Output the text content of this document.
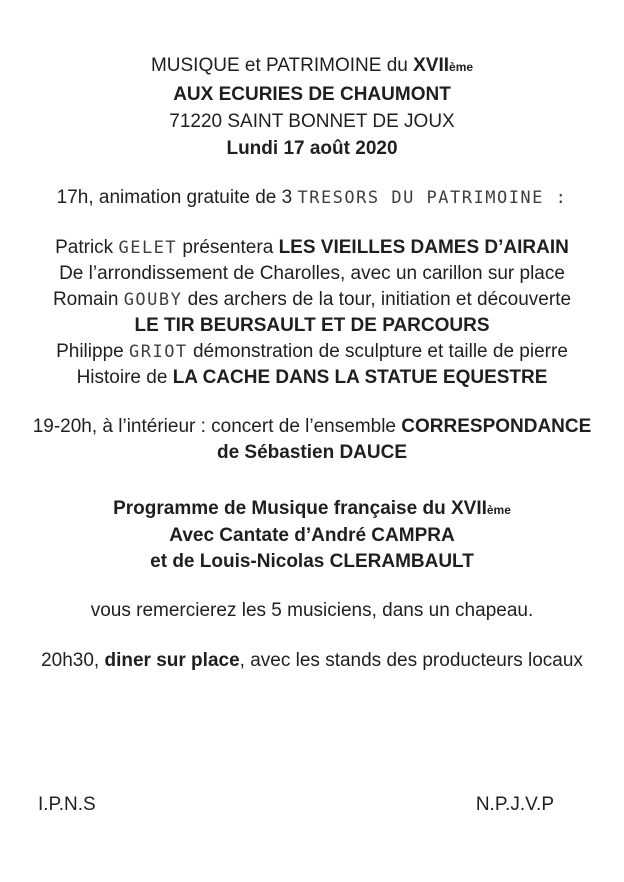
MUSIQUE et PATRIMOINE du XVIIème

AUX ECURIES DE CHAUMONT

71220 SAINT BONNET DE JOUX

Lundi 17 août 2020

17h, animation gratuite de 3 TRESORS DU PATRIMOINE :

Patrick GELET présentera LES VIEILLES DAMES D’AIRAIN

De l’arrondissement de Charolles, avec un carillon sur place

Romain GOUBY des archers de la tour, initiation et découverte

LE TIR BEURSAULT ET DE PARCOURS

Philippe GRIOT démonstration de sculpture et taille de pierre

Histoire de LA CACHE DANS LA STATUE EQUESTRE

19-20h, à l’intérieur : concert de l’ensemble CORRESPONDANCE

de Sébastien DAUCE

Programme de Musique française du XVIIème

Avec Cantate d’André CAMPRA

et de Louis-Nicolas CLERAMBAULT

vous remercierez les 5 musiciens, dans un chapeau.

20h30, diner sur place, avec les stands des producteurs locaux

I.P.N.S	N.P.J.V.P
